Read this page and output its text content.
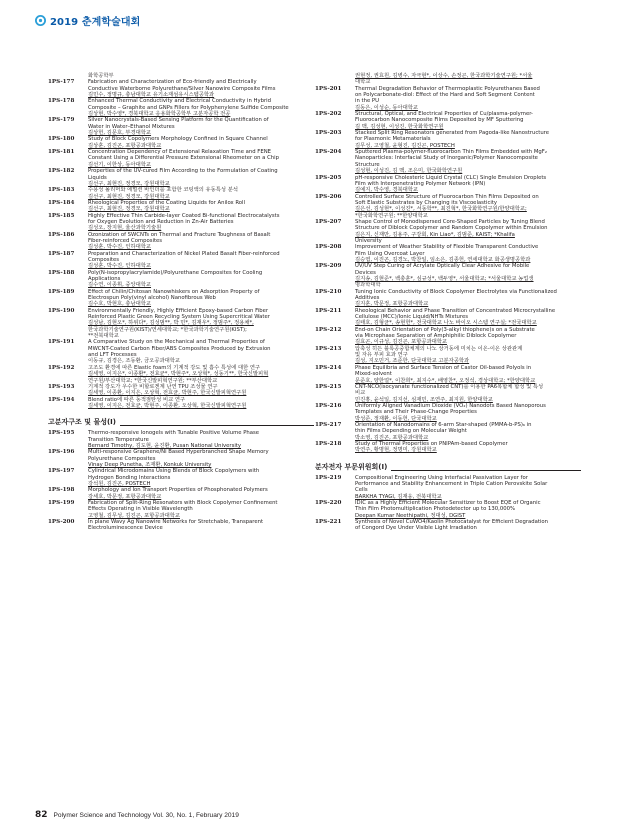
2019 춘계학술대회
화학공학부
1PS-177	Fabrication and Characterization of Eco-friendly and Electrically
Conductive Waterborne Polyurethane/Silver Nanowire Composite Films
김민수, 정명규, 충남대학교 유기소재섬유시스템공학과
1PS-178	Enhanced Thermal Conductivity and Electrical Conductivity in Hybrid
Composite – Graphite and GNPs Fillers for Polyphenylene Sulfide Composite
김상현, 박수영*, 경북대학교 응용화학공학부 고분자공학 전공
1PS-179	Silver Nanocrystals-Based Sensing Platform for the Quantification of
Water in Water–Ethanol Mixtures
김상헌, 김문호, 부경대학교
1PS-180	Study of Block Copolymers Morphology Confined in Square Channel
김상훈, 김진곤, 포항공과대학교
1PS-181	Concentration Dependency of Extensional Relaxation Time and FENE
Constant Using a Differential Pressure Extensional Rheometer on a Chip
김선기, 이한상, 동아대학교
1PS-182	Properties of the UV-cured Film According to the Formulation of Coating
Liquids
김선구, 최현진, 정경모, 강원대학교
1PS-183	수용성 폴리머와 에멀션 바인더를 포함한 코팅액의 유동특성 분석
김선구, 최현진, 정경모, 강원대학교
1PS-184	Rheological Properties of the Coating Liquids for Anilox Roll
김선구, 최현진, 정경모, 강원대학교
1PS-185	Highly Effective Thin Carbide-layer Coated Bi-functional Electrocatalysts
for Oxygen Evolution and Reduction in Zn-Air Batteries
김성오, 장지현, 울산과학기술원
1PS-186	Ozonization of SWCNTs on Thermal and Fracture Toughness of Basalt
Fiber-reinforced Composites
김성훈, 박수진, 인하대학교
1PS-187	Preparation and Characterization of Nickel Plated Basalt Fiber-reinforced
Composites
김성훈, 박수진, 인하대학교
1PS-188	Poly(N-isopropylacrylamide)/Polyurethane Composites for Cooling
Applications
김수연, 이종휘, 중앙대학교
1PS-189	Effect of Chilin/Chitosan Nanowhiskers on Adsorption Property of
Electrospun Poly(vinyl alcohol) Nanofibrous Web
김수호, 박현호, 충남대학교
1PS-190	Environmentally Friendly, Highly Efficient Epoxy-based Carbon Fiber
Reinforced Plastic Green Recycling System Using Supercritical Water
김성남, 김현오*, 하위다*, 김성범**, 박 민*, 김재우*, 정범주*, 정용채*,
한국과학기술연구원(KIST)/연세대학교; *한국과학기술연구원(KIST);
**전북대학교
1PS-191	A Comparative Study on the Mechanical and Thermal Properties of
MWCNT-Coated Carbon Fiber/ABS Composites Produced by Extrusion
and LFT Processes
이동규, 김경은, 조동환, 금오공과대학교
1PS-192	고조도 환경에 따른 Elastic foam의 기계적 강도 및 흡수 특성에 대한 연구
김세영, 이지은*, 이종환*, 전효균*, 박현주*, 오상혁*, 성동기**, 한국신발피혁
연구원/부산대학교; *한국신발피혁연구원; **부산대학교
1PS-193	기계적 강도가 우수한 비할로겐계 난연 TPU 조성물 연구
김세영, 이종환, 이지은, 오상혁, 전효균, 박현주, 한국신발피혁연구원
1PS-194	Blend ratio에 따른 동적점탄성 비교 연구
김세영, 이지은, 전효균, 박현주, 이종환, 오상혁, 한국신발피혁연구원
고분자구조 및 물성(I)
1PS-195	Thermo-responsive Ionogels with Tunable Positive Volume Phase
Transition Temperature
Bernard Timothy, 김도현, 윤진환, Pusan National University
1PS-196	Multi-responsive Graphene/Ni Based Hyperbranched Shape Memory
Polyurethane Composites
Vinay Deep Punetha, 조재환, Konkuk University
1PS-197	Cylindrical Microdomains Using Blends of Block Copolymers with
Hydrogen Bonding Interactions
강석원, 김진곤, POSTECH
1PS-198	Morphology and Ion Transport Properties of Phosphonated Polymers
강세호, 박문정, 포항공과대학교
1PS-199	Fabrication of Split-Ring Resonators with Block Copolymer Confinement
Effects Operating in Visible Wavelength
고영철, 김무성, 김진곤, 포항공과대학교
1PS-200	In plane Wavy Ag Nanowire Networks for Stretchable, Transparent
Electroluminescence Device
권현정, 권효원, 김병수, 자극현*, 이상수, 손정곤, 한국과학기술연구원; *서울
대학교
1PS-201	Thermal Degradation Behavior of Thermoplastic Polyurethanes Based
on Polycarbonate-diol: Effect of the Hard and Soft Segment Content
in the PU
김동은, 이성순, 동아대학교
1PS-202	Structural, Optical, and Electrical Properties of Cu/plasma-polymer-
Fluorocarbon Nanocomposite Films Deposited by MF Sputtering
김 맥, 김성현, 이성진, 한국화학연구원
1PS-203	Stacked Split Ring Resonators generated from Pagoda-like Nanostructure
for Plasmonic Metamaterials
김무성, 고영철, 윤형진, 김진곤, POSTECH
1PS-204	Sputtered Plasma-polymer-fluorocarbon Thin Films Embedded with MgF₂
Nanoparticles: Interfacial Study of Inorganic/Polymer Nanocomposite
Structure
김성현, 이성진, 김 맥, 조은미, 한국화학연구원
1PS-205	pH-responsive Cholesteric Liquid Crystal (CLC) Single Emulsion Droplets
Film with Interpenetrating Polymer Network (IPN)
김예지, 박수영, 경북대학교
1PS-206	Controlled Surface Structure of Fluorocarbon Thin Films Deposited on
Soft Elastic Substrates by Changing its Viscoelasticity
김은선, 김성현*, 이성진*, 서동학**, 최진혁*, 한국화학연구원/한양대학교;
*한국화학연구원; **한양대학교
1PS-207	Shape Control of Monodispersed Core-Shaped Particles by Tuning Blend
Structure of Diblock Copolymer and Random Copolymer within Emulsion
김은지, 신재만, 김용주, 구강회, Kin Liao*, 김범준, KAIST; *Khalifa
University
1PS-208	Improvement of Weather Stability of Flexible Transparent Conductive
Film Using Overcoat Layer
김승엽, 이진곤, 김경노, 박찬일, 임소은, 김종헌, 연세대학교 화공생명공학과
1PS-209	UV/UV Step Curing of Acrylate Optically Clear Adhesive for Mobile
Devices
김지송, 김현준*, 백충훈*, 심규성*, 백두영*, 서울대학교; *서울대학교 농업생
명과학대학
1PS-210	Tuning Ionic Conductivity of Block Copolymer Electrolytes via Functionalized
Additives
김지훈, 박문정, 포항공과대학교
1PS-211	Rheological Behavior and Phase Transition of Concentrated Microcrystalline
Cellulose (MCC)/Ionic Liquid/NHTs Mixtures
김태호, 김형균*, 송현헌*, 전국대학교 나노 바이오 시스템 연구실; *전국대학교
1PS-212	End-on Chain Orientation of Poly(3-alkyl thiophene)s on a Substrate
via Microphase Separation of Amphiphilic Diblock Copolymer
김효곤, 이규성, 김진곤, 포항공과대학교
1PS-213	압축성 히든 블록공중합체계의 나노 상거동에 미치는 이온-이온 상관관계
및 자유 부피 효과 연구
김성, 지오민거, 조준한, 단국대학교 고분자공학과
1PS-214	Phase Equilibria and Surface Tension of Castor Oil-based Polyols in
Mixed-solvent
문준호, 양한얼*, 이찬희*, 최지수*, 배영찬*, 오정석, 경상대학교; *한양대학교
1PS-215	CNT-NCO(isocyanate functionalized CNT)를 이용한 PA6복합체 합성 및 특성
비교
민진홍, 윤석일, 김지선, 심재민, 조연주, 최지원, 한양대학교
1PS-216	Uniformly Aligned Vanadium Dioxide (VO₂) Nanodots Based Nanoporous
Templates and Their Phase-Change Properties
박성준, 정재환, 이동헌, 단국대학교
1PS-217	Orientation of Nanodomains of 6-arm Star-shaped (PMMA-b-PS)₆ in
thin Films Depending on Molecular Weight
박소영, 김진곤, 포항공과대학교
1PS-218	Study of Thermal Properties on PNIPAm-based Copolymer
박연주, 황명현, 정명미, 강원대학교
분자전자 부문위원회(I)
1PS-219	Compositional Engineering Using Interfacial Passivation Layer for
Performance and Stability Enhancement in Triple Cation Perovskite Solar
Cells
BARKHA TYAGI, 김재웅, 전북대학교
1PS-220	IDIC as a Highly Efficient Molecular Sensitizer to Boost EQE of Organic
Thin Film Photomultiplication Photodetector up to 130,000%
Deepan Kumar Neethipathi, 정대성, DGIST
1PS-221	Synthesis of Novel CuWO4/Kaolin Photocatalyst for Efficient Degradation
of Congord Dye Under Visible Light Irradiation
82 Polymer Science and Technology Vol. 30, No. 1, February 2019
